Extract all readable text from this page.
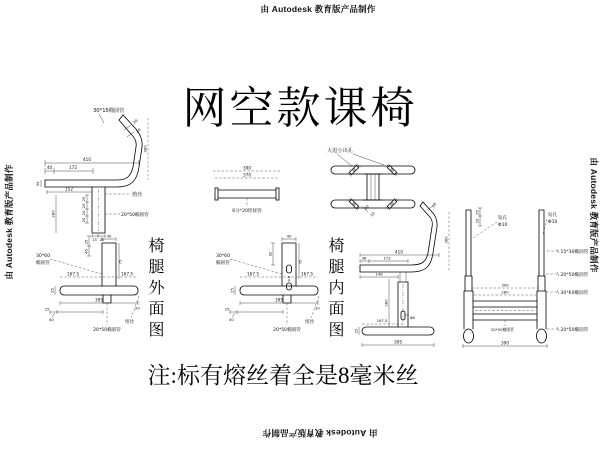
由 Autodesk 教育版产品制作
由 Autodesk 教育版产品制作	由 Autodesk 教育版产品制作
由 Autodesk 教育版产品制作
网空款课椅
注:标有熔丝着全是8毫米丝
30*15椭圆管
20
20
410
40	172
34
152
20
20
20
20
280
15 20
熔丝
20*50椭圆管
380
390
370
6分*20焊接管
大进小出孔
20
10
30*60
椭圆管
40
25
45
75
167.5	167.5
25
395
25
40
20
熔丝
20*50椭圆管 椅腿外面图	30*60
椭圆管
40
92
75
167.5	167.5
25
395
25
40
20
熔丝
20*50椭圆管 椅腿内面图
28
68
410
38	172
148
280
167.5
25
395
380
25
20	钻孔
Φ10
钻孔
Φ10
300
280
20*50椭圆管
390
15*30椭圆管
20*50椭圆管
30*60椭圆管
20*50椭圆管
